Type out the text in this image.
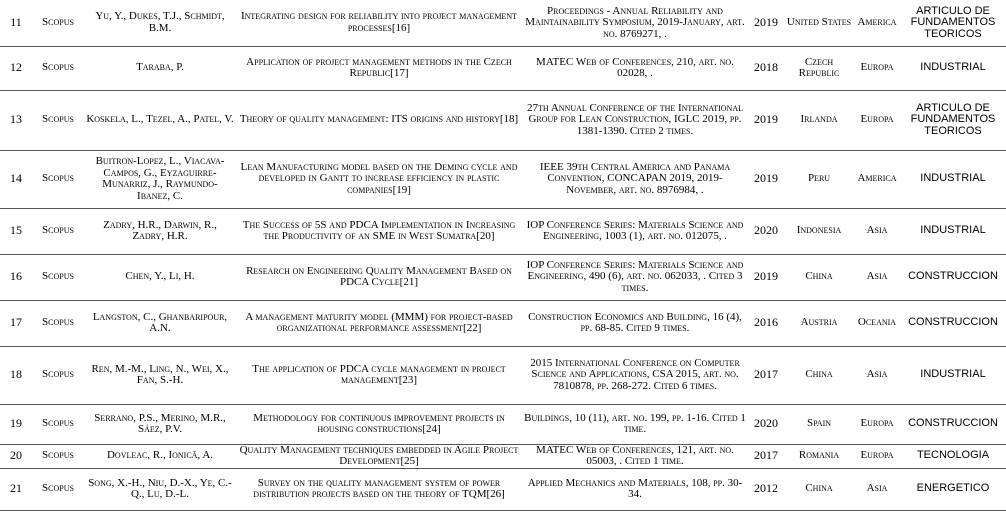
11	Scopus	Yu, Y., Dukes, T.J., Schmidt, B.M.	Integrating design for reliability into project management processes[16]	Proceedings - Annual Reliability and Maintainability Symposium, 2019-January, art. no. 8769271, .	2019	United States	America	ARTICULO DE FUNDAMENTOS TEORICOS
12	Scopus	Taraba, P.	Application of project management methods in the Czech Republic[17]	MATEC Web of Conferences, 210, art. no. 02028, .	2018	Czech Republic	Europa	INDUSTRIAL
13	Scopus	Koskela, L., Tezel, A., Patel, V.	Theory of quality management: ITS origins and history[18]	27th Annual Conference of the International Group for Lean Construction, IGLC 2019, pp. 1381-1390. Cited 2 times.	2019	Irlanda	Europa	ARTICULO DE FUNDAMENTOS TEORICOS
14	Scopus	Buitron-Lopez, L., Viacava-Campos, G., Eyzaguirre-Munarriz, J., Raymundo-Ibanez, C.	Lean Manufacturing model based on the Deming cycle and developed in Gantt to increase efficiency in plastic companies[19]	IEEE 39th Central America and Panama Convention, CONCAPAN 2019, 2019-November, art. no. 8976984, .	2019	Peru	America	INDUSTRIAL
15	Scopus	Zadry, H.R., Darwin, R., Zadry, H.R.	The Success of 5S and PDCA Implementation in Increasing the Productivity of an SME in West Sumatra[20]	IOP Conference Series: Materials Science and Engineering, 1003 (1), art. no. 012075, .	2020	Indonesia	Asia	INDUSTRIAL
16	Scopus	Chen, Y., Li, H.	Research on Engineering Quality Management Based on PDCA Cycle[21]	IOP Conference Series: Materials Science and Engineering, 490 (6), art. no. 062033, . Cited 3 times.	2019	China	Asia	CONSTRUCCION
17	Scopus	Langston, C., Ghanbaripour, A.N.	A management maturity model (MMM) for project-based organizational performance assessment[22]	Construction Economics and Building, 16 (4), pp. 68-85. Cited 9 times.	2016	Austria	Oceania	CONSTRUCCION
18	Scopus	Ren, M.-M., Ling, N., Wei, X., Fan, S.-H.	The application of PDCA cycle management in project management[23]	2015 International Conference on Computer Science and Applications, CSA 2015, art. no. 7810878, pp. 268-272. Cited 6 times.	2017	China	Asia	INDUSTRIAL
19	Scopus	Serrano, P.S., Merino, M.R., Sáez, P.V.	Methodology for continuous improvement projects in housing constructions[24]	Buildings, 10 (11), art. no. 199, pp. 1-16. Cited 1 time.	2020	Spain	Europa	CONSTRUCCION
20	Scopus	Dovleac, R., Ionică, A.	Quality Management techniques embedded in Agile Project Development[25]	MATEC Web of Conferences, 121, art. no. 05003, . Cited 1 time.	2017	Romania	Europa	TECNOLOGIA
21	Scopus	Song, X.-H., Niu, D.-X., Ye, C.-Q., Lu, D.-L.	Survey on the quality management system of power distribution projects based on the theory of TQM[26]	Applied Mechanics and Materials, 108, pp. 30-34.	2012	China	Asia	ENERGETICO
